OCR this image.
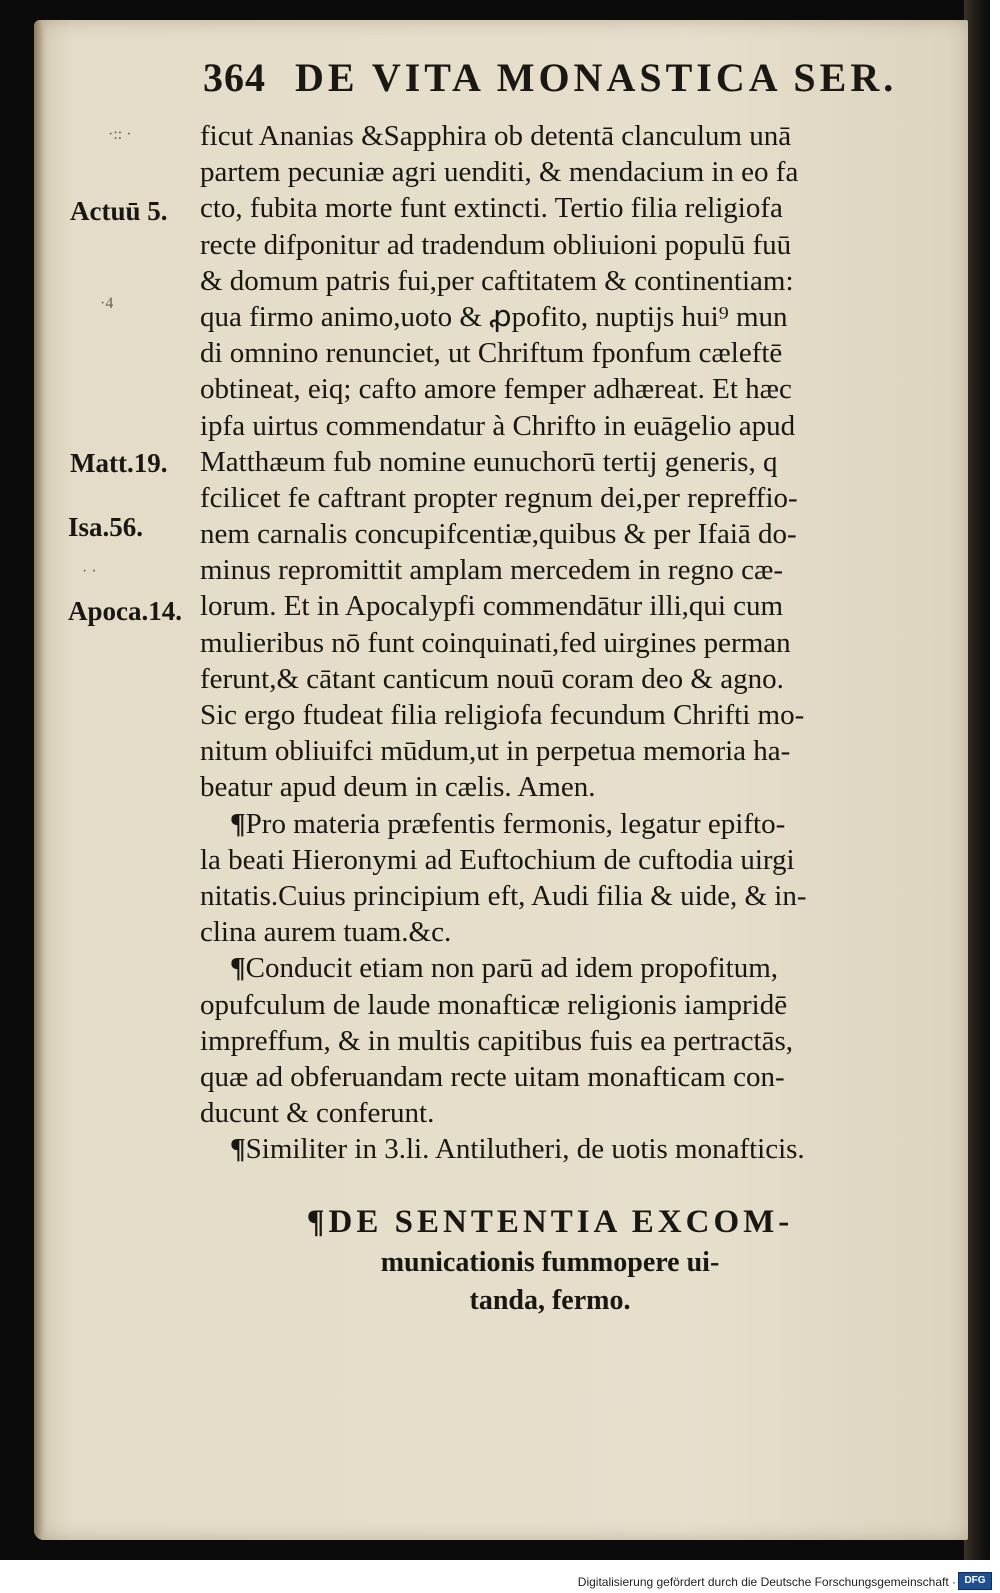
364 DE VITA MONASTICA SER.
·:: ·
Actuū 5.
·4
Matt.19.
Isa.56.
· ·
Apoca.14.
ficut Ananias &Sapphira ob detentā clanculum unā
partem pecuniæ agri uenditi, & mendacium in eo fa
cto, fubita morte funt extincti. Tertio filia religiofa
recte difponitur ad tradendum obliuioni populū fuū
& domum patris fui,per caftitatem & continentiam:
qua firmo animo,uoto & ꝓpofito, nuptijs hui⁹ mun
di omnino renunciet, ut Chriftum fponfum cæleftē
obtineat, eiq; cafto amore femper adhæreat. Et hæc
ipfa uirtus commendatur à Chrifto in euāgelio apud
Matthæum fub nomine eunuchorū tertij generis, q
fcilicet fe caftrant propter regnum dei,per repreffio-
nem carnalis concupifcentiæ,quibus & per Ifaiā do-
minus repromittit amplam mercedem in regno cæ-
lorum. Et in Apocalypfi commendātur illi,qui cum
mulieribus nō funt coinquinati,fed uirgines perman
ferunt,& cātant canticum nouū coram deo & agno.
Sic ergo ftudeat filia religiofa fecundum Chrifti mo-
nitum obliuifci mūdum,ut in perpetua memoria ha-
beatur apud deum in cælis. Amen.
¶Pro materia præfentis fermonis, legatur epifto-
la beati Hieronymi ad Euftochium de cuftodia uirgi
nitatis.Cuius principium eft, Audi filia & uide, & in-
clina aurem tuam.&c.
¶Conducit etiam non parū ad idem propofitum,
opufculum de laude monafticæ religionis iampridē
impreffum, & in multis capitibus fuis ea pertractās,
quæ ad obferuandam recte uitam monafticam con-
ducunt & conferunt.
¶Similiter in 3.li. Antilutheri, de uotis monafticis.
¶DE SENTENTIA EXCOM-
municationis fummopere ui-
tanda, fermo.
Digitalisierung gefördert durch die Deutsche Forschungsgemeinschaft · DFG
